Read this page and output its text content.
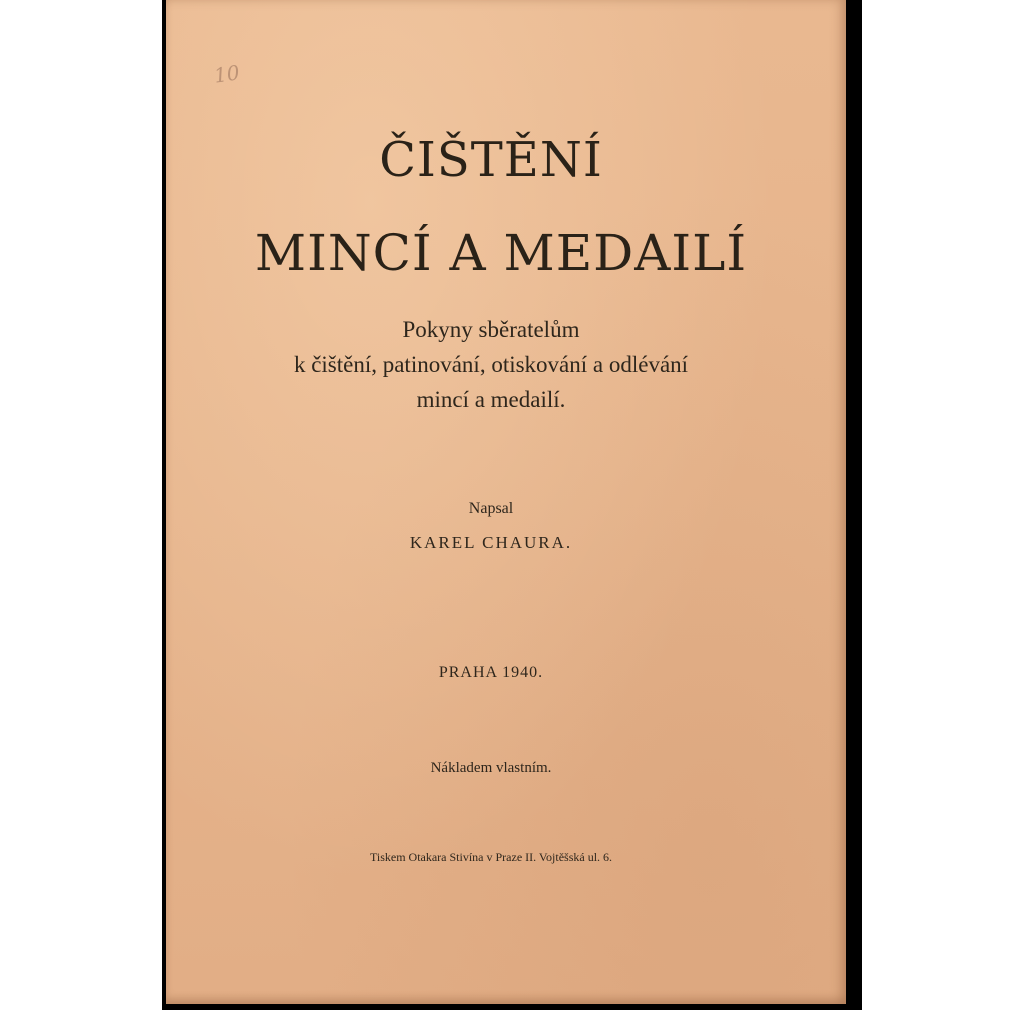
10
ČIŠTĚNÍ
MINCÍ A MEDAILÍ
Pokyny sběratelům
k čištění, patinování, otiskování a odlévání
mincí a medailí.
Napsal
KAREL CHAURA.
PRAHA 1940.
Nákladem vlastním.
Tiskem Otakara Stivína v Praze II. Vojtěšská ul. 6.
